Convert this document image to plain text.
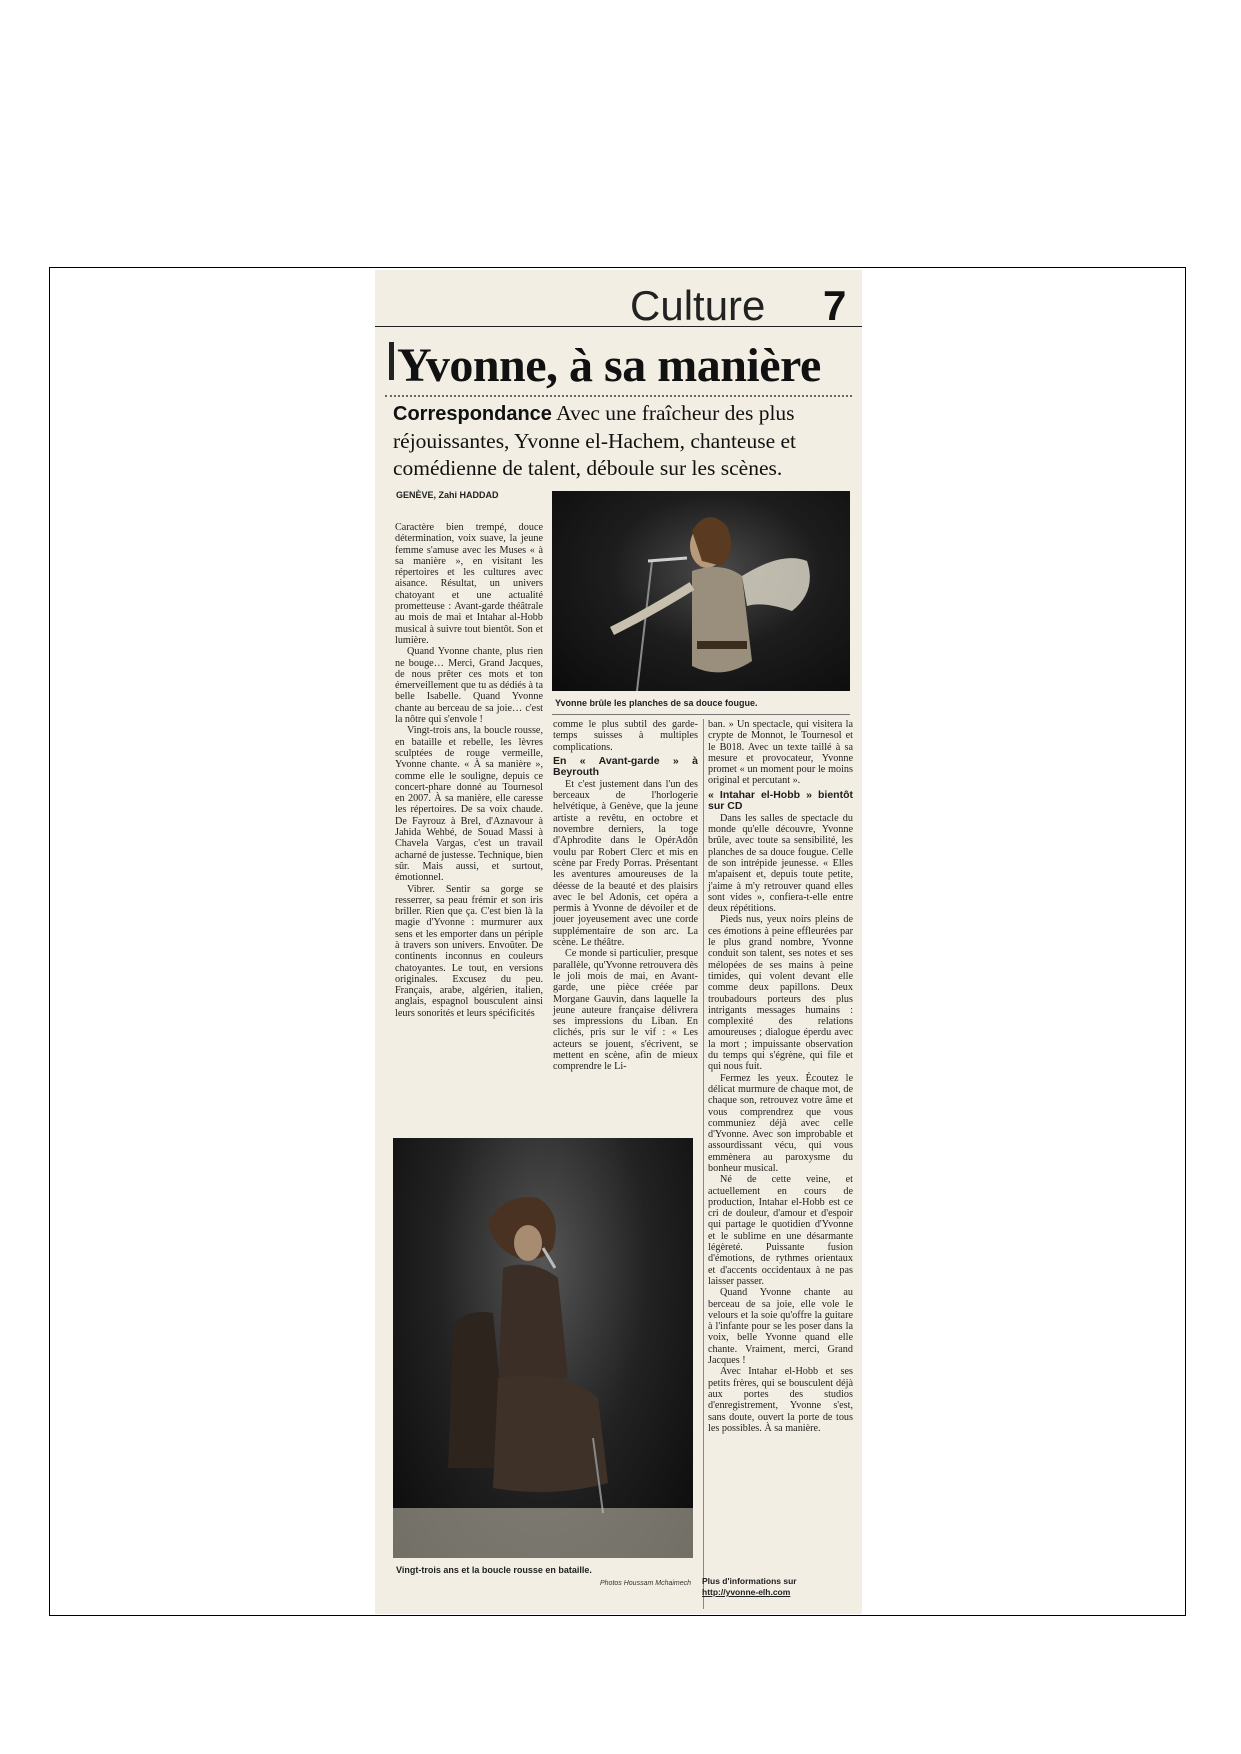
Culture 7
Yvonne, à sa manière
Correspondance Avec une fraîcheur des plus réjouissantes, Yvonne el-Hachem, chanteuse et comédienne de talent, déboule sur les scènes.
GENÈVE, Zahi HADDAD

Caractère bien trempé, douce détermination, voix suave, la jeune femme s'amuse avec les Muses « à sa manière », en visitant les répertoires et les cultures avec aisance. Résultat, un univers chatoyant et une actualité prometteuse : Avant-garde théâtrale au mois de mai et Intahar al-Hobb musical à suivre tout bientôt. Son et lumière.

Quand Yvonne chante, plus rien ne bouge… Merci, Grand Jacques, de nous prêter ces mots et ton émerveillement que tu as dédiés à ta belle Isabelle. Quand Yvonne chante au berceau de sa joie… c'est la nôtre qui s'envole !

Vingt-trois ans, la boucle rousse, en bataille et rebelle, les lèvres sculptées de rouge vermeille, Yvonne chante. « À sa manière », comme elle le souligne, depuis ce concert-phare donné au Tournesol en 2007. À sa manière, elle caresse les répertoires. De sa voix chaude. De Fayrouz à Brel, d'Aznavour à Jahida Wehbé, de Souad Massi à Chavela Vargas, c'est un travail acharné de justesse. Technique, bien sûr. Mais aussi, et surtout, émotionnel.

Vibrer. Sentir sa gorge se resserrer, sa peau frémir et son iris briller. Rien que ça. C'est bien là la magie d'Yvonne : murmurer aux sens et les emporter dans un périple à travers son univers. Envoûter. De continents inconnus en couleurs chatoyantes. Le tout, en versions originales. Excusez du peu. Français, arabe, algérien, italien, anglais, espagnol bousculent ainsi leurs sonorités et leurs spécificités

Yvonne brûle les planches de sa douce fougue.

comme le plus subtil des garde-temps suisses à multiples complications.

En « Avant-garde » à Beyrouth

Et c'est justement dans l'un des berceaux de l'horlogerie helvétique, à Genève, que la jeune artiste a revêtu, en octobre et novembre derniers, la toge d'Aphrodite dans le OpérAdôn voulu par Robert Clerc et mis en scène par Fredy Porras. Présentant les aventures amoureuses de la déesse de la beauté et des plaisirs avec le bel Adonis, cet opéra a permis à Yvonne de dévoiler et de jouer joyeusement avec une corde supplémentaire de son arc. La scène. Le théâtre.

Ce monde si particulier, presque parallèle, qu'Yvonne retrouvera dès le joli mois de mai, en Avant-garde, une pièce créée par Morgane Gauvin, dans laquelle la jeune auteure française délivrera ses impressions du Liban. En clichés, pris sur le vif : « Les acteurs se jouent, s'écrivent, se mettent en scène, afin de mieux comprendre le Li-

ban. » Un spectacle, qui visitera la crypte de Monnot, le Tournesol et le B018. Avec un texte taillé à sa mesure et provocateur, Yvonne promet « un moment pour le moins original et percutant ».

« Intahar el-Hobb » bientôt sur CD

Dans les salles de spectacle du monde qu'elle découvre, Yvonne brûle, avec toute sa sensibilité, les planches de sa douce fougue. Celle de son intrépide jeunesse. « Elles m'apaisent et, depuis toute petite, j'aime à m'y retrouver quand elles sont vides », confiera-t-elle entre deux répétitions.

Pieds nus, yeux noirs pleins de ces émotions à peine effleurées par le plus grand nombre, Yvonne conduit son talent, ses notes et ses mélopées de ses mains à peine timides, qui volent devant elle comme deux papillons. Deux troubadours porteurs des plus intrigants messages humains : complexité des relations amoureuses ; dialogue éperdu avec la mort ; impuissante observation du temps qui s'égrène, qui file et qui nous fuit.

Fermez les yeux. Écoutez le délicat murmure de chaque mot, de chaque son, retrouvez votre âme et vous comprendrez que vous communiez déjà avec celle d'Yvonne. Avec son improbable et assourdissant vécu, qui vous emmènera au paroxysme du bonheur musical.

Né de cette veine, et actuellement en cours de production, Intahar el-Hobb est ce cri de douleur, d'amour et d'espoir qui partage le quotidien d'Yvonne et le sublime en une désarmante légèreté. Puissante fusion d'émotions, de rythmes orientaux et d'accents occidentaux à ne pas laisser passer.

Quand Yvonne chante au berceau de sa joie, elle vole le velours et la soie qu'offre la guitare à l'infante pour se les poser dans la voix, belle Yvonne quand elle chante. Vraiment, merci, Grand Jacques !

Avec Intahar el-Hobb et ses petits frères, qui se bousculent déjà aux portes des studios d'enregistrement, Yvonne s'est, sans doute, ouvert la porte de tous les possibles. À sa manière.

Vingt-trois ans et la boucle rousse en bataille.
Photos Houssam Mchaimech Plus d'informations sur
http://yvonne-elh.com
